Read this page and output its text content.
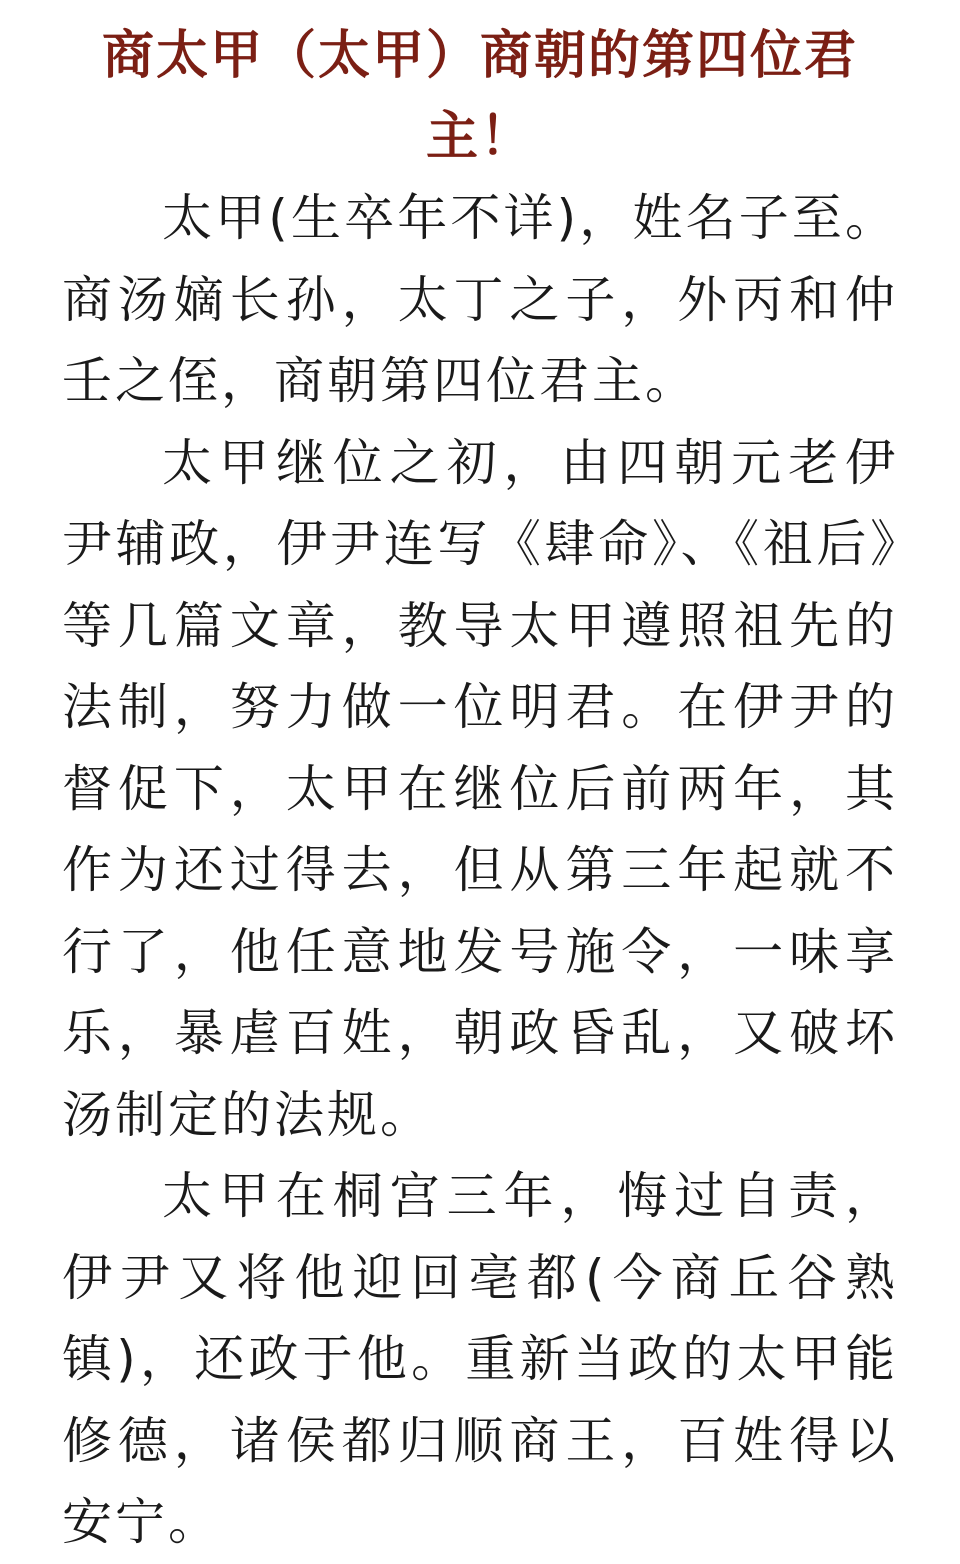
商太甲（太甲）商朝的第四位君主！

太甲(生卒年不详)，姓名子至。商汤嫡长孙，太丁之子，外丙和仲壬之侄，商朝第四位君主。

太甲继位之初，由四朝元老伊尹辅政，伊尹连写《肆命》、《祖后》等几篇文章，教导太甲遵照祖先的法制，努力做一位明君。在伊尹的督促下，太甲在继位后前两年，其作为还过得去，但从第三年起就不行了，他任意地发号施令，一味享乐，暴虐百姓，朝政昏乱，又破坏汤制定的法规。

太甲在桐宫三年，悔过自责，伊尹又将他迎回亳都(今商丘谷熟镇)，还政于他。重新当政的太甲能修德，诸侯都归顺商王，百姓得以安宁。
